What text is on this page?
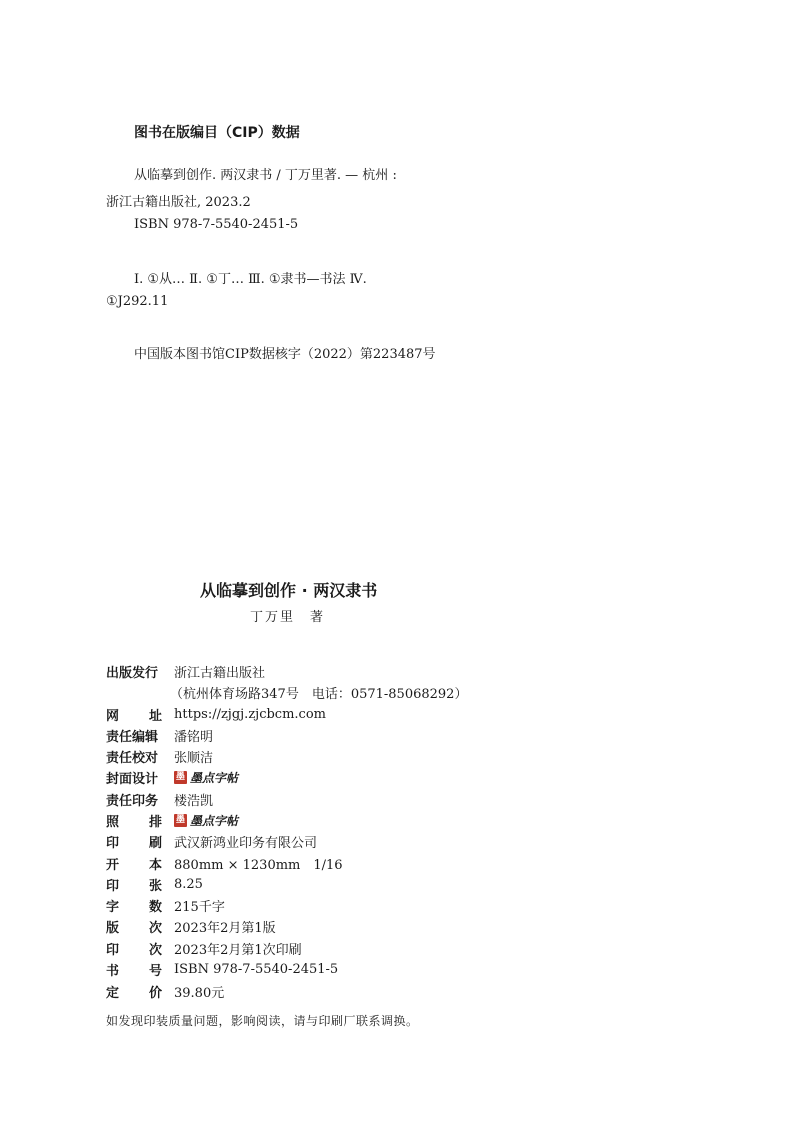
图书在版编目（CIP）数据
从临摹到创作. 两汉隶书 / 丁万里著. — 杭州 :
浙江古籍出版社, 2023.2
ISBN 978-7-5540-2451-5
Ⅰ. ①从… Ⅱ. ①丁… Ⅲ. ①隶书—书法 Ⅳ.
①J292.11
中国版本图书馆CIP数据核字（2022）第223487号
从临摹到创作 · 两汉隶书
丁万里　著
出版发行	浙江古籍出版社
（杭州体育场路347号　电话：0571-85068292）
网　址 https://zjgj.zjcbcm.com
责任编辑	潘铭明
责任校对	张顺洁
封面设计	墨 墨点字帖
责任印务	楼浩凯
照　排 墨 墨点字帖
印　刷 武汉新鸿业印务有限公司
开　本 880mm × 1230mm　1/16
印　张 8.25
字　数 215千字
版　次 2023年2月第1版
印　次 2023年2月第1次印刷
书　号 ISBN 978-7-5540-2451-5
定　价 39.80元
如发现印装质量问题，影响阅读，请与印刷厂联系调换。
